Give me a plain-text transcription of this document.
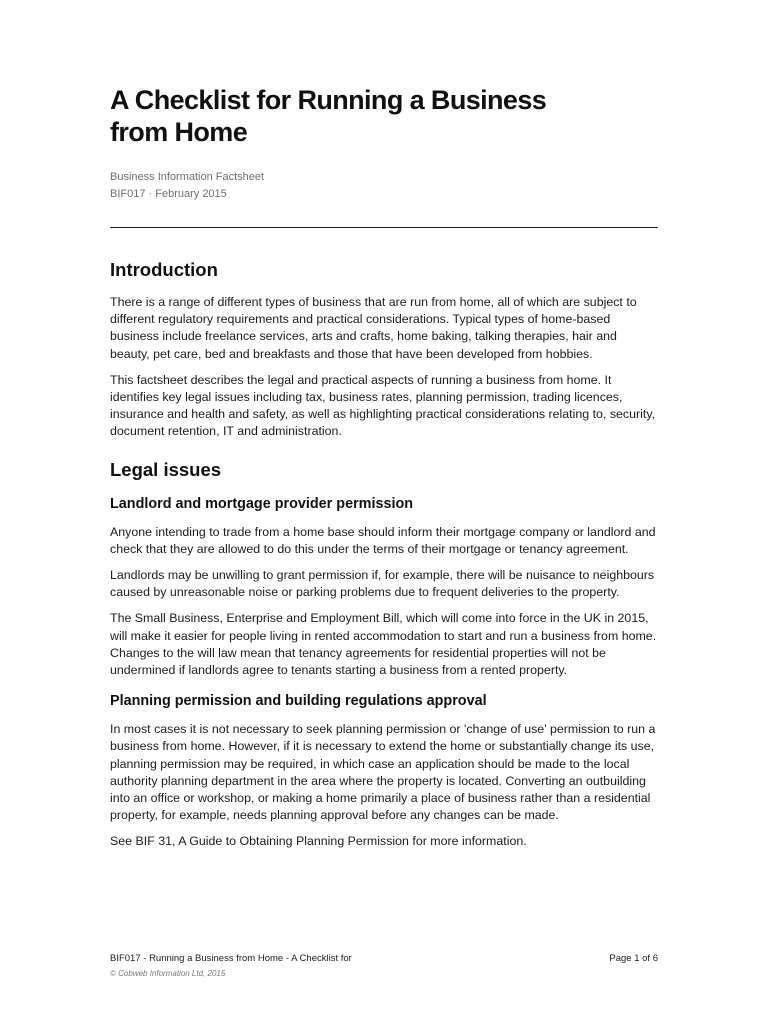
A Checklist for Running a Business
from Home
Business Information Factsheet
BIF017 · February 2015
Introduction

There is a range of different types of business that are run from home, all of which are subject to different regulatory requirements and practical considerations. Typical types of home-based business include freelance services, arts and crafts, home baking, talking therapies, hair and beauty, pet care, bed and breakfasts and those that have been developed from hobbies.

This factsheet describes the legal and practical aspects of running a business from home. It identifies key legal issues including tax, business rates, planning permission, trading licences, insurance and health and safety, as well as highlighting practical considerations relating to, security, document retention, IT and administration.

Legal issues
Landlord and mortgage provider permission

Anyone intending to trade from a home base should inform their mortgage company or landlord and check that they are allowed to do this under the terms of their mortgage or tenancy agreement.

Landlords may be unwilling to grant permission if, for example, there will be nuisance to neighbours caused by unreasonable noise or parking problems due to frequent deliveries to the property.

The Small Business, Enterprise and Employment Bill, which will come into force in the UK in 2015, will make it easier for people living in rented accommodation to start and run a business from home. Changes to the will law mean that tenancy agreements for residential properties will not be undermined if landlords agree to tenants starting a business from a rented property.

Planning permission and building regulations approval

In most cases it is not necessary to seek planning permission or 'change of use' permission to run a business from home. However, if it is necessary to extend the home or substantially change its use, planning permission may be required, in which case an application should be made to the local authority planning department in the area where the property is located. Converting an outbuilding into an office or workshop, or making a home primarily a place of business rather than a residential property, for example, needs planning approval before any changes can be made.

See BIF 31, A Guide to Obtaining Planning Permission for more information.

BIF017 - Running a Business from Home - A Checklist for	Page 1 of 6
© Cobweb Information Ltd, 2015
